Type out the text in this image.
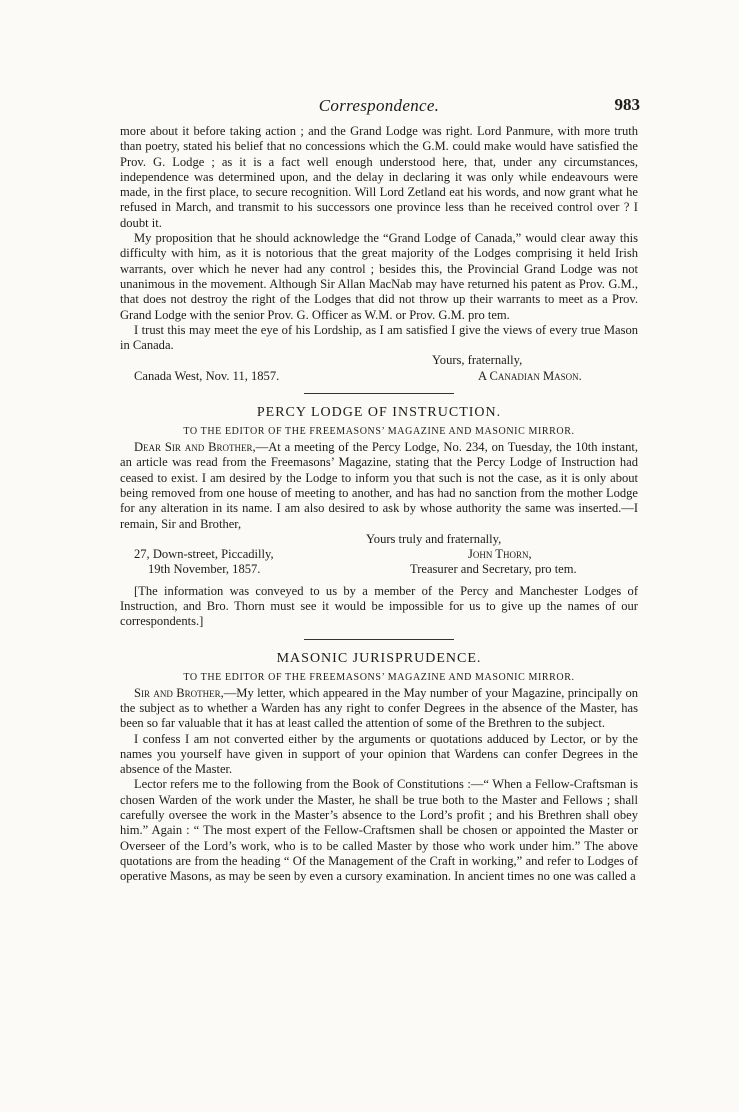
Correspondence.	983

more about it before taking action ; and the Grand Lodge was right. Lord Panmure, with more truth than poetry, stated his belief that no concessions which the G.M. could make would have satisfied the Prov. G. Lodge ; as it is a fact well enough understood here, that, under any circumstances, independence was determined upon, and the delay in declaring it was only while endeavours were made, in the first place, to secure recognition. Will Lord Zetland eat his words, and now grant what he refused in March, and transmit to his successors one province less than he received control over ? I doubt it.

My proposition that he should acknowledge the “Grand Lodge of Canada,” would clear away this difficulty with him, as it is notorious that the great majority of the Lodges comprising it held Irish warrants, over which he never had any control ; besides this, the Provincial Grand Lodge was not unanimous in the movement. Although Sir Allan MacNab may have returned his patent as Prov. G.M., that does not destroy the right of the Lodges that did not throw up their warrants to meet as a Prov. Grand Lodge with the senior Prov. G. Officer as W.M. or Prov. G.M. pro tem.

I trust this may meet the eye of his Lordship, as I am satisfied I give the views of every true Mason in Canada.

Yours, fraternally,
Canada West, Nov. 11, 1857.	A Canadian Mason.
PERCY LODGE OF INSTRUCTION.
TO THE EDITOR OF THE FREEMASONS’ MAGAZINE AND MASONIC MIRROR.

Dear Sir and Brother,—At a meeting of the Percy Lodge, No. 234, on Tuesday, the 10th instant, an article was read from the Freemasons’ Magazine, stating that the Percy Lodge of Instruction had ceased to exist. I am desired by the Lodge to inform you that such is not the case, as it is only about being removed from one house of meeting to another, and has had no sanction from the mother Lodge for any alteration in its name. I am also desired to ask by whose authority the same was inserted.—I remain, Sir and Brother,

Yours truly and fraternally,
27, Down-street, Piccadilly,	John Thorn,
19th November, 1857.	Treasurer and Secretary, pro tem.

[The information was conveyed to us by a member of the Percy and Manchester Lodges of Instruction, and Bro. Thorn must see it would be impossible for us to give up the names of our correspondents.]

MASONIC JURISPRUDENCE.
TO THE EDITOR OF THE FREEMASONS’ MAGAZINE AND MASONIC MIRROR.

Sir and Brother,—My letter, which appeared in the May number of your Magazine, principally on the subject as to whether a Warden has any right to confer Degrees in the absence of the Master, has been so far valuable that it has at least called the attention of some of the Brethren to the subject.

I confess I am not converted either by the arguments or quotations adduced by Lector, or by the names you yourself have given in support of your opinion that Wardens can confer Degrees in the absence of the Master.

Lector refers me to the following from the Book of Constitutions :—“ When a Fellow-Craftsman is chosen Warden of the work under the Master, he shall be true both to the Master and Fellows ; shall carefully oversee the work in the Master’s absence to the Lord’s profit ; and his Brethren shall obey him.” Again : “ The most expert of the Fellow-Craftsmen shall be chosen or appointed the Master or Overseer of the Lord’s work, who is to be called Master by those who work under him.” The above quotations are from the heading “ Of the Management of the Craft in working,” and refer to Lodges of operative Masons, as may be seen by even a cursory examination. In ancient times no one was called a
